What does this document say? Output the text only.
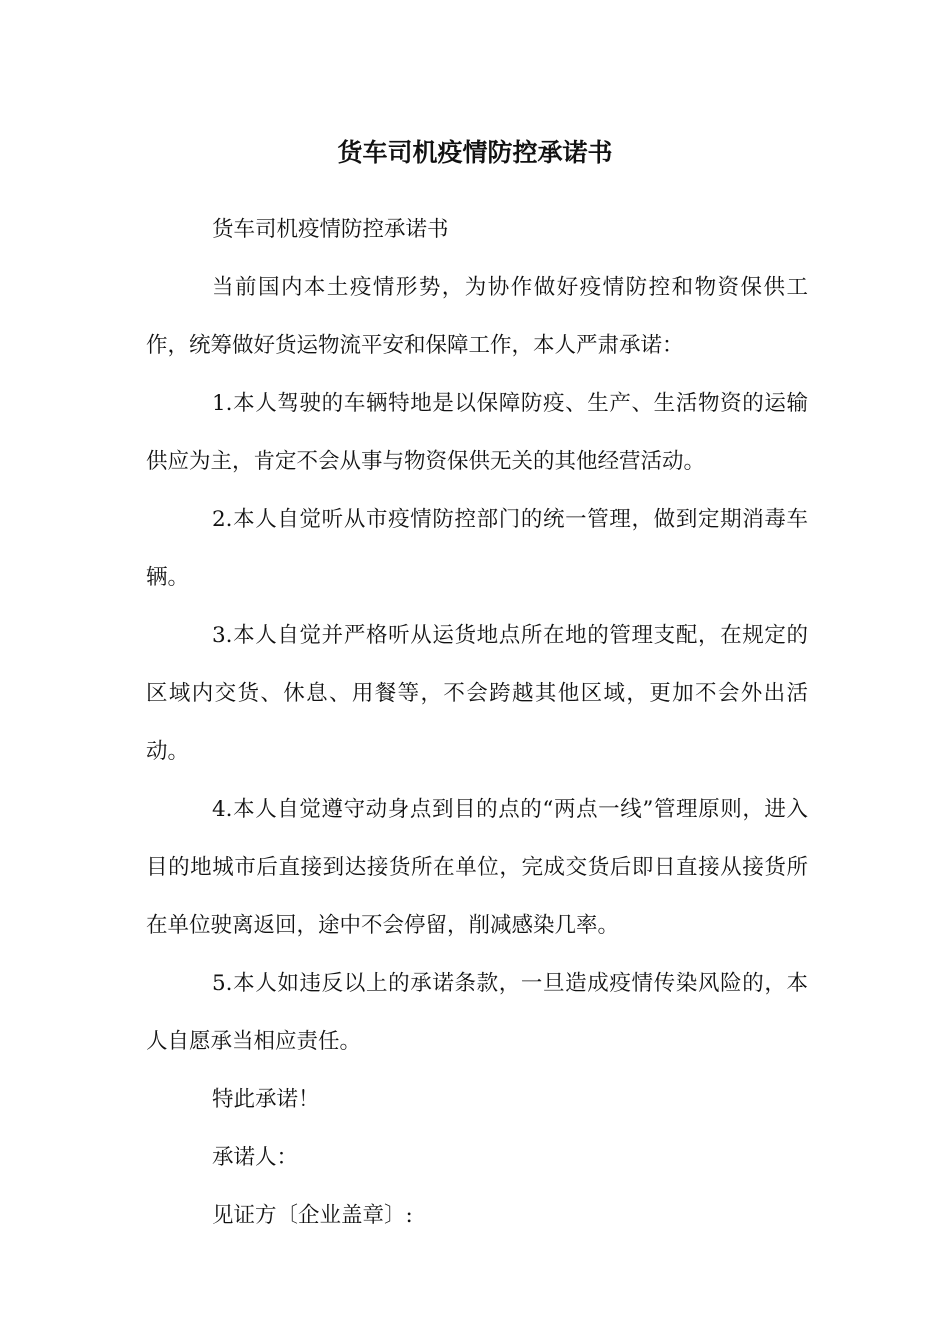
货车司机疫情防控承诺书

货车司机疫情防控承诺书

当前国内本土疫情形势，为协作做好疫情防控和物资保供工作，统筹做好货运物流平安和保障工作，本人严肃承诺：

1.本人驾驶的车辆特地是以保障防疫、生产、生活物资的运输供应为主，肯定不会从事与物资保供无关的其他经营活动。

2.本人自觉听从市疫情防控部门的统一管理，做到定期消毒车辆。

3.本人自觉并严格听从运货地点所在地的管理支配，在规定的区域内交货、休息、用餐等，不会跨越其他区域，更加不会外出活动。

4.本人自觉遵守动身点到目的点的“两点一线”管理原则，进入目的地城市后直接到达接货所在单位，完成交货后即日直接从接货所在单位驶离返回，途中不会停留，削减感染几率。

5.本人如违反以上的承诺条款，一旦造成疫情传染风险的，本人自愿承当相应责任。

特此承诺！

承诺人：

见证方〔企业盖章〕:
